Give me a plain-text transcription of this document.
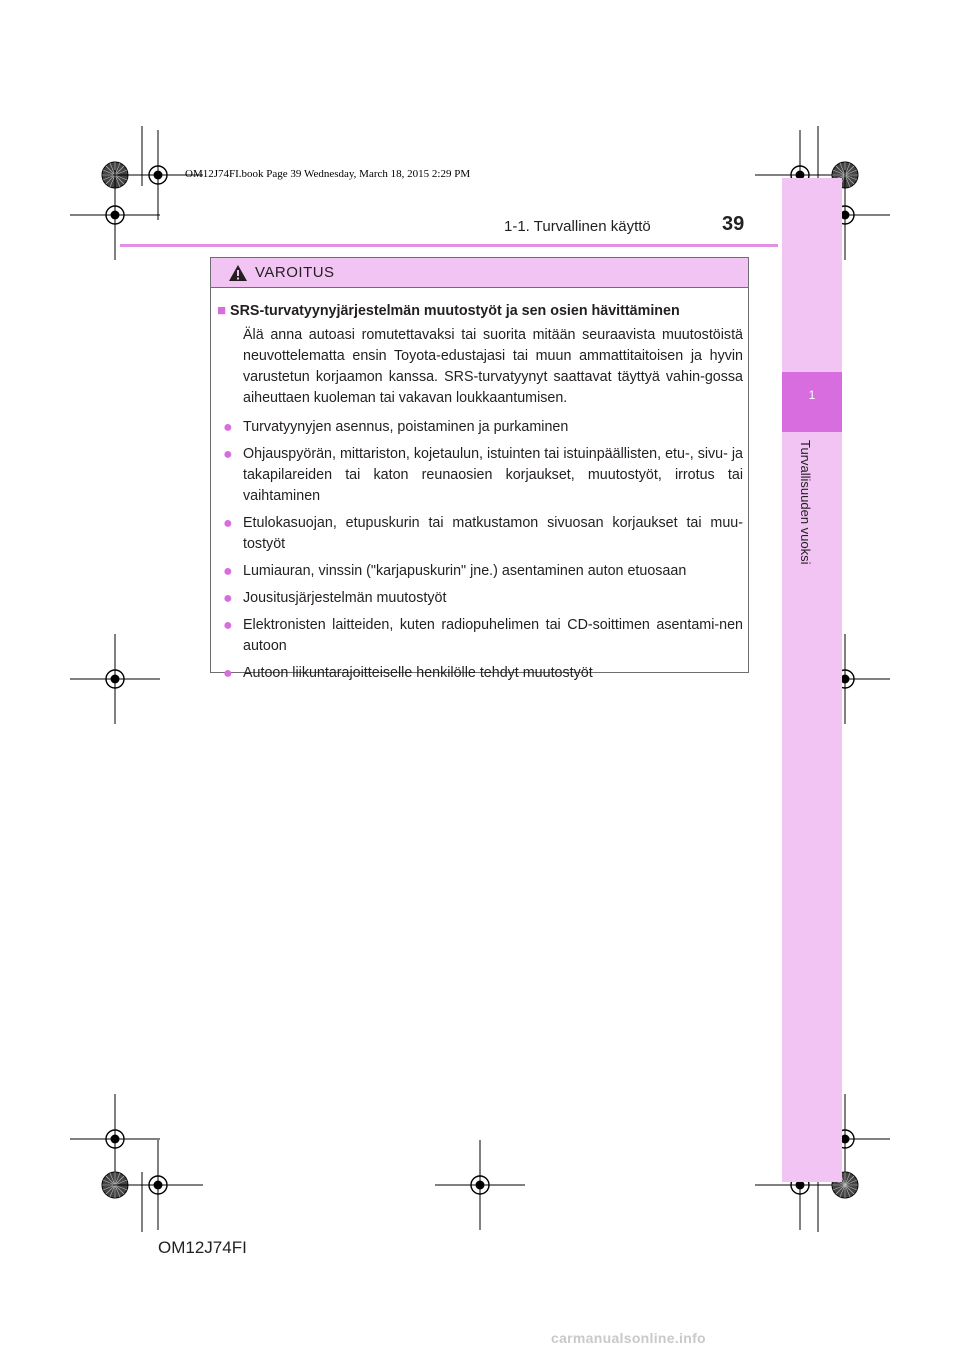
OM12J74FI.book Page 39 Wednesday, March 18, 2015 2:29 PM
1
Turvallisuuden vuoksi
1-1. Turvallinen käyttö	39
VAROITUS
■ SRS-turvatyynyjärjestelmän muutostyöt ja sen osien hävittäminen

Älä anna autoasi romutettavaksi tai suorita mitään seuraavista muutostöistä neuvottelematta ensin Toyota-edustajasi tai muun ammattitaitoisen ja hyvin varustetun korjaamon kanssa. SRS-turvatyynyt saattavat täyttyä vahin-gossa aiheuttaen kuoleman tai vakavan loukkaantumisen.

● Turvatyynyjen asennus, poistaminen ja purkaminen
● Ohjauspyörän, mittariston, kojetaulun, istuinten tai istuinpäällisten, etu-, sivu- ja takapilareiden tai katon reunaosien korjaukset, muutostyöt, irrotus tai vaihtaminen
● Etulokasuojan, etupuskurin tai matkustamon sivuosan korjaukset tai muu-tostyöt
● Lumiauran, vinssin ("karjapuskurin" jne.) asentaminen auton etuosaan
● Jousitusjärjestelmän muutostyöt
● Elektronisten laitteiden, kuten radiopuhelimen tai CD-soittimen asentami-nen autoon
● Autoon liikuntarajoitteiselle henkilölle tehdyt muutostyöt
OM12J74FI
carmanualsonline.info
